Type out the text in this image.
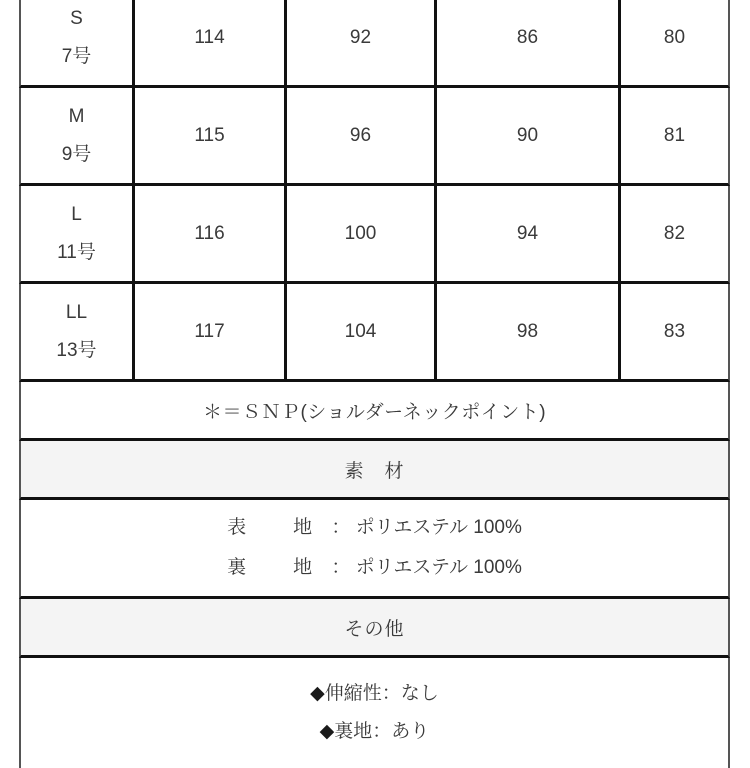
S
7号
114	92	86	80
M
9号
115	96	90	81
L
11号
116	100	94	82
LL
13号
117	104	98	83
＊＝ＳＮＰ(ショルダーネックポイント)
素　材
表　地 ： ポリエステル 100%
裏　地 ： ポリエステル 100%
その他
◆伸縮性：なし
◆裏地：あり
